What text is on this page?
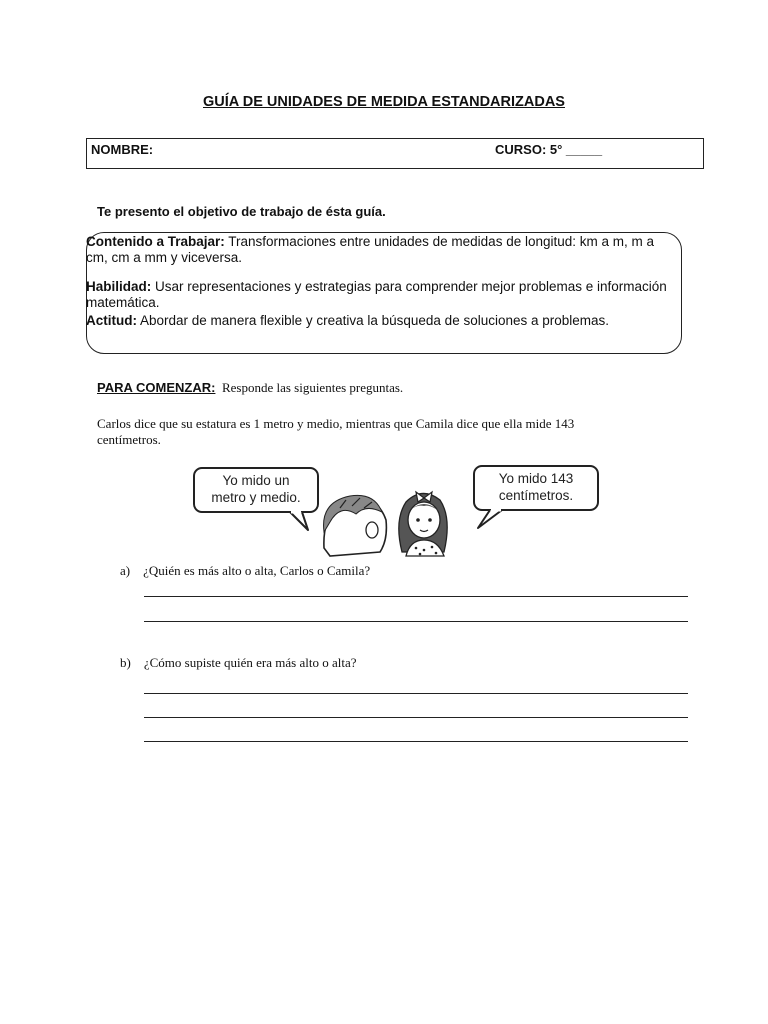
GUÍA DE UNIDADES DE MEDIDA ESTANDARIZADAS
NOMBRE:	CURSO: 5° _____
Te presento el objetivo de trabajo de ésta guía.
Contenido a Trabajar: Transformaciones entre unidades de medidas de longitud: km a m, m a
cm, cm a mm y viceversa.
Habilidad: Usar representaciones y estrategias para comprender mejor problemas e información
matemática.
Actitud: Abordar de manera flexible y creativa la búsqueda de soluciones a problemas.
PARA COMENZAR: Responde las siguientes preguntas.
Carlos dice que su estatura es 1 metro y medio, mientras que Camila dice que ella mide 143
centímetros.
Yo mido un
metro y medio.
Yo mido 143
centímetros.
a) ¿Quién es más alto o alta, Carlos o Camila?
b) ¿Cómo supiste quién era más alto o alta?
